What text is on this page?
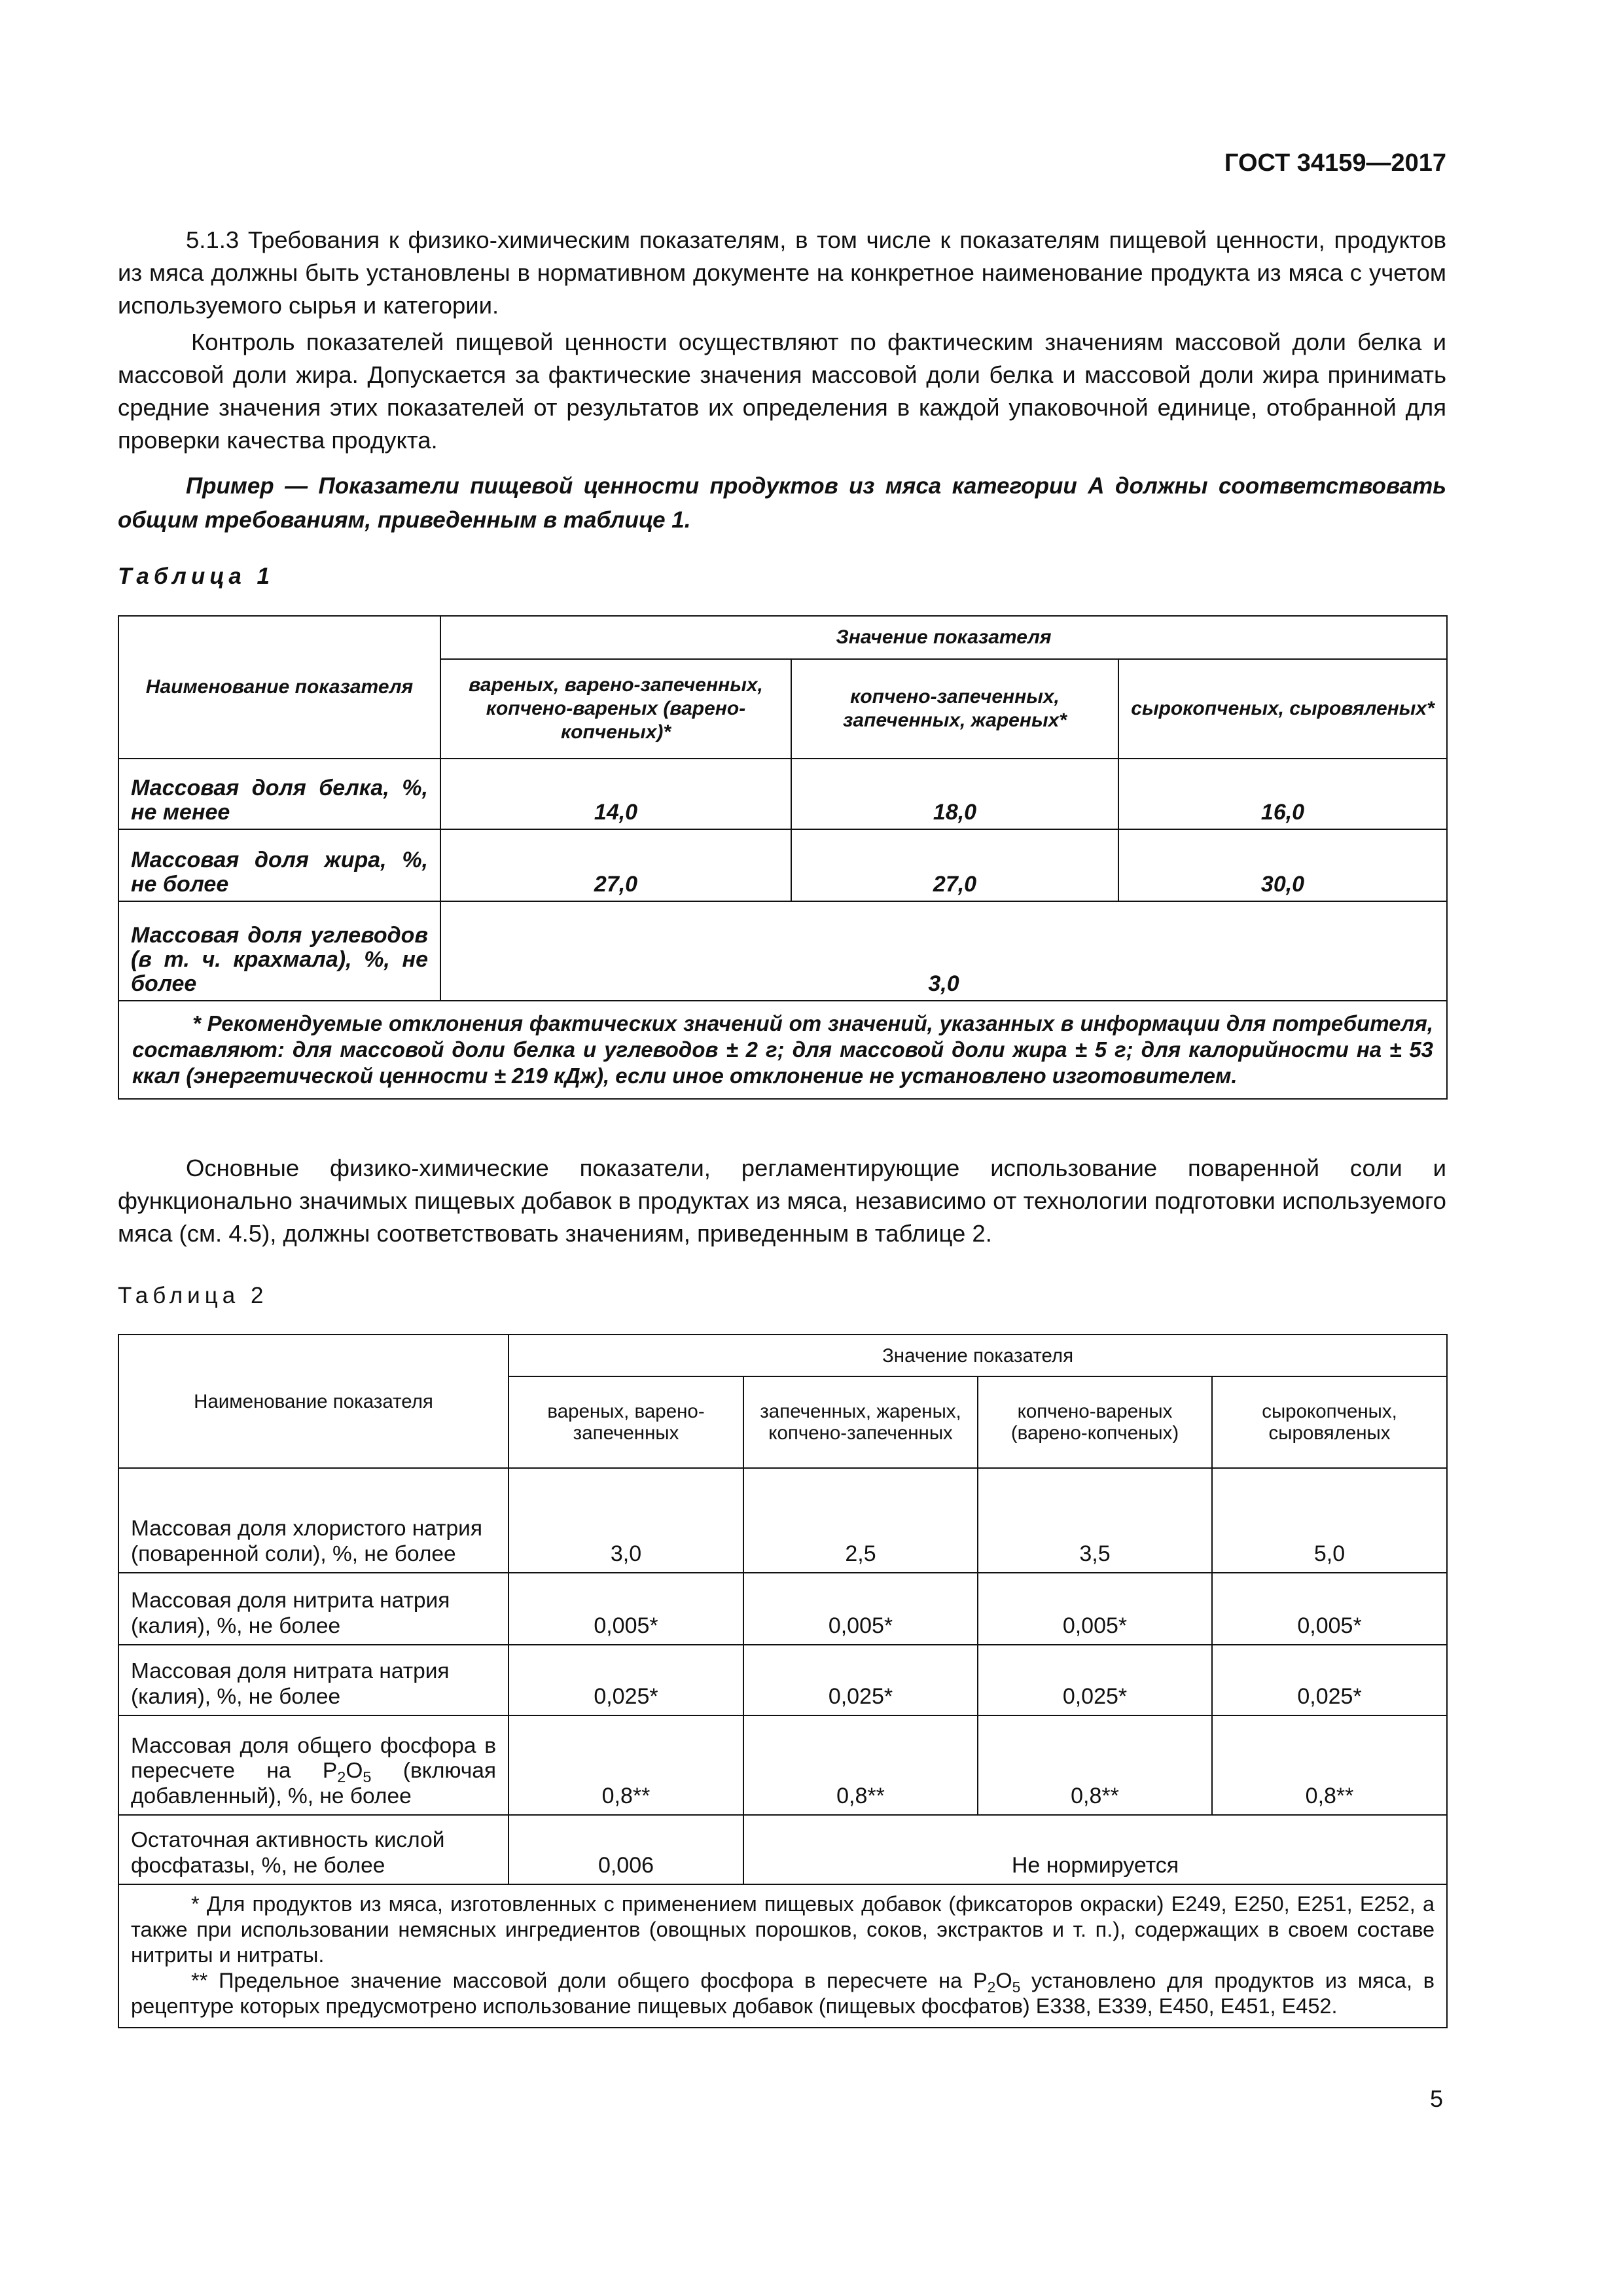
ГОСТ 34159—2017

5.1.3 Требования к физико-химическим показателям, в том числе к показателям пищевой ценности, продуктов из мяса должны быть установлены в нормативном документе на конкретное наименование продукта из мяса с учетом используемого сырья и категории.

Контроль показателей пищевой ценности осуществляют по фактическим значениям массовой доли белка и массовой доли жира. Допускается за фактические значения массовой доли белка и массовой доли жира принимать средние значения этих показателей от результатов их определения в каждой упаковочной единице, отобранной для проверки качества продукта.

Пример — Показатели пищевой ценности продуктов из мяса категории А должны соответствовать общим требованиям, приведенным в таблице 1.

Таблица 1
Наименование показателя	Значение показателя		
	вареных, варено-запеченных, копчено-вареных (варено-копченых)*	копчено-запеченных, запеченных, жареных*	сырокопченых, сыровяленых*
Массовая доля белка, %, не менее	14,0	18,0	16,0
Массовая доля жира, %, не более	27,0	27,0	30,0
Массовая доля углеводов (в т. ч. крахмала), %, не более	3,0		

* Рекомендуемые отклонения фактических значений от значений, указанных в информации для потребителя, составляют: для массовой доли белка и углеводов ± 2 г; для массовой доли жира ± 5 г; для калорийности на ± 53 ккал (энергетической ценности ± 219 кДж), если иное отклонение не установлено изготовителем.			

Основные физико-химические показатели, регламентирующие использование поваренной соли и функционально значимых пищевых добавок в продуктах из мяса, независимо от технологии подготовки используемого мяса (см. 4.5), должны соответствовать значениям, приведенным в таблице 2.

Таблица 2
Наименование показателя	Значение показателя			
	вареных, варено-запеченных	запеченных, жареных, копчено-запеченных	копчено-вареных (варено-копченых)	сырокопченых, сыровяленых
Массовая доля хлористого натрия (поваренной соли), %, не более	3,0	2,5	3,5	5,0
Массовая доля нитрита натрия (калия), %, не более	0,005*	0,005*	0,005*	0,005*
Массовая доля нитрата натрия (калия), %, не более	0,025*	0,025*	0,025*	0,025*
Массовая доля общего фосфора в пересчете на $P_2O_5$ (включая добавленный), %, не более	0,8**	0,8**	0,8**	0,8**
Остаточная активность кислой фосфатазы, %, не более	0,006	Не нормируется		

* Для продуктов из мяса, изготовленных с применением пищевых добавок (фиксаторов окраски) Е249, Е250, Е251, Е252, а также при использовании немясных ингредиентов (овощных порошков, соков, экстрактов и т. п.), содержащих в своем составе нитриты и нитраты.
** Предельное значение массовой доли общего фосфора в пересчете на $P_2O_5$ установлено для продуктов из мяса, в рецептуре которых предусмотрено использование пищевых добавок (пищевых фосфатов) Е338, Е339, Е450, Е451, Е452.				
5
